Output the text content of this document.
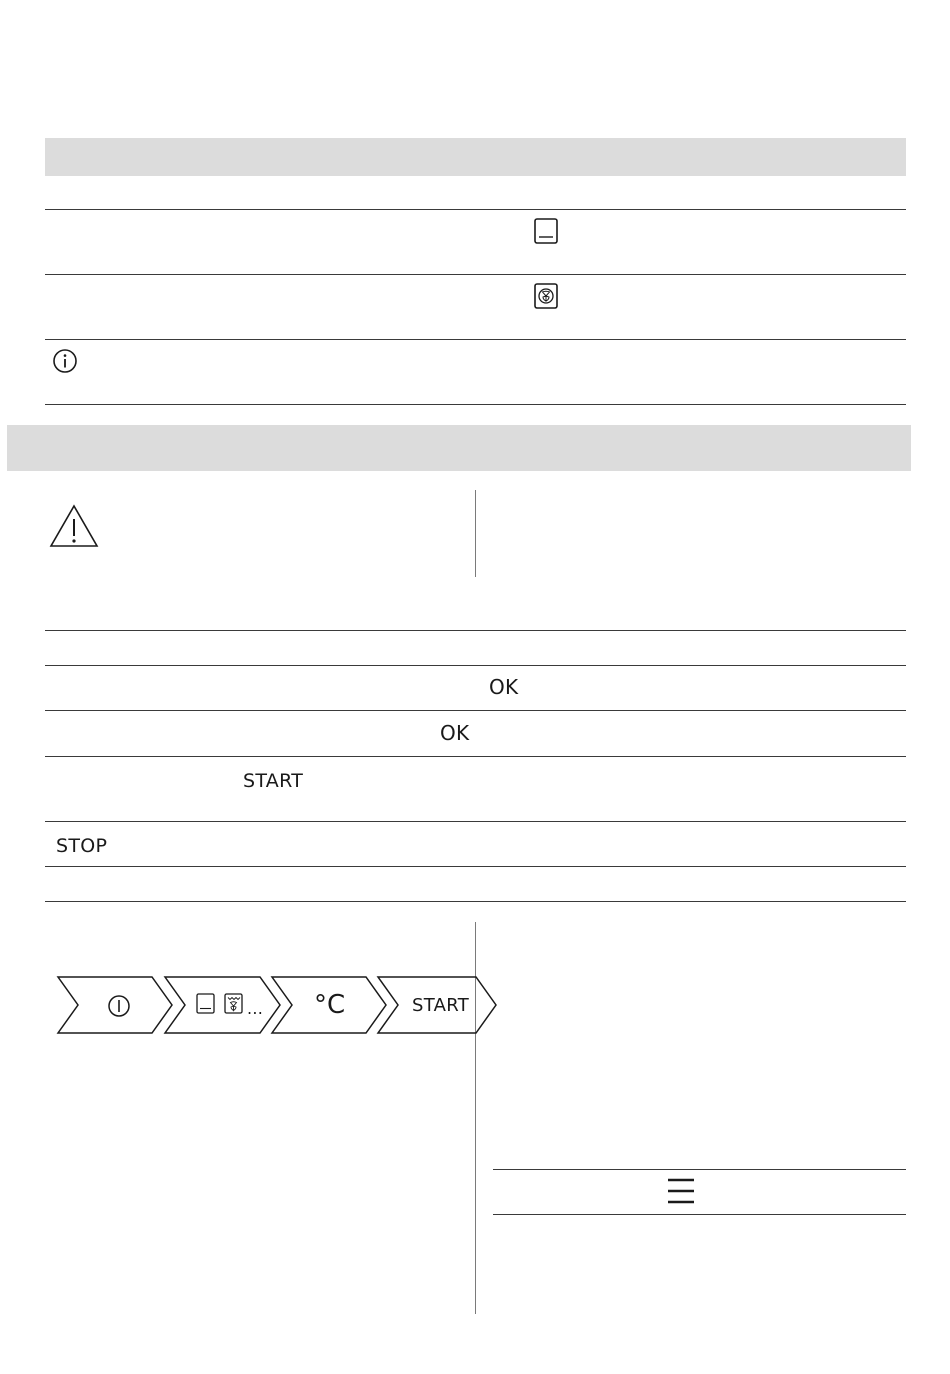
OK
OK
START
STOP
... °C	START
